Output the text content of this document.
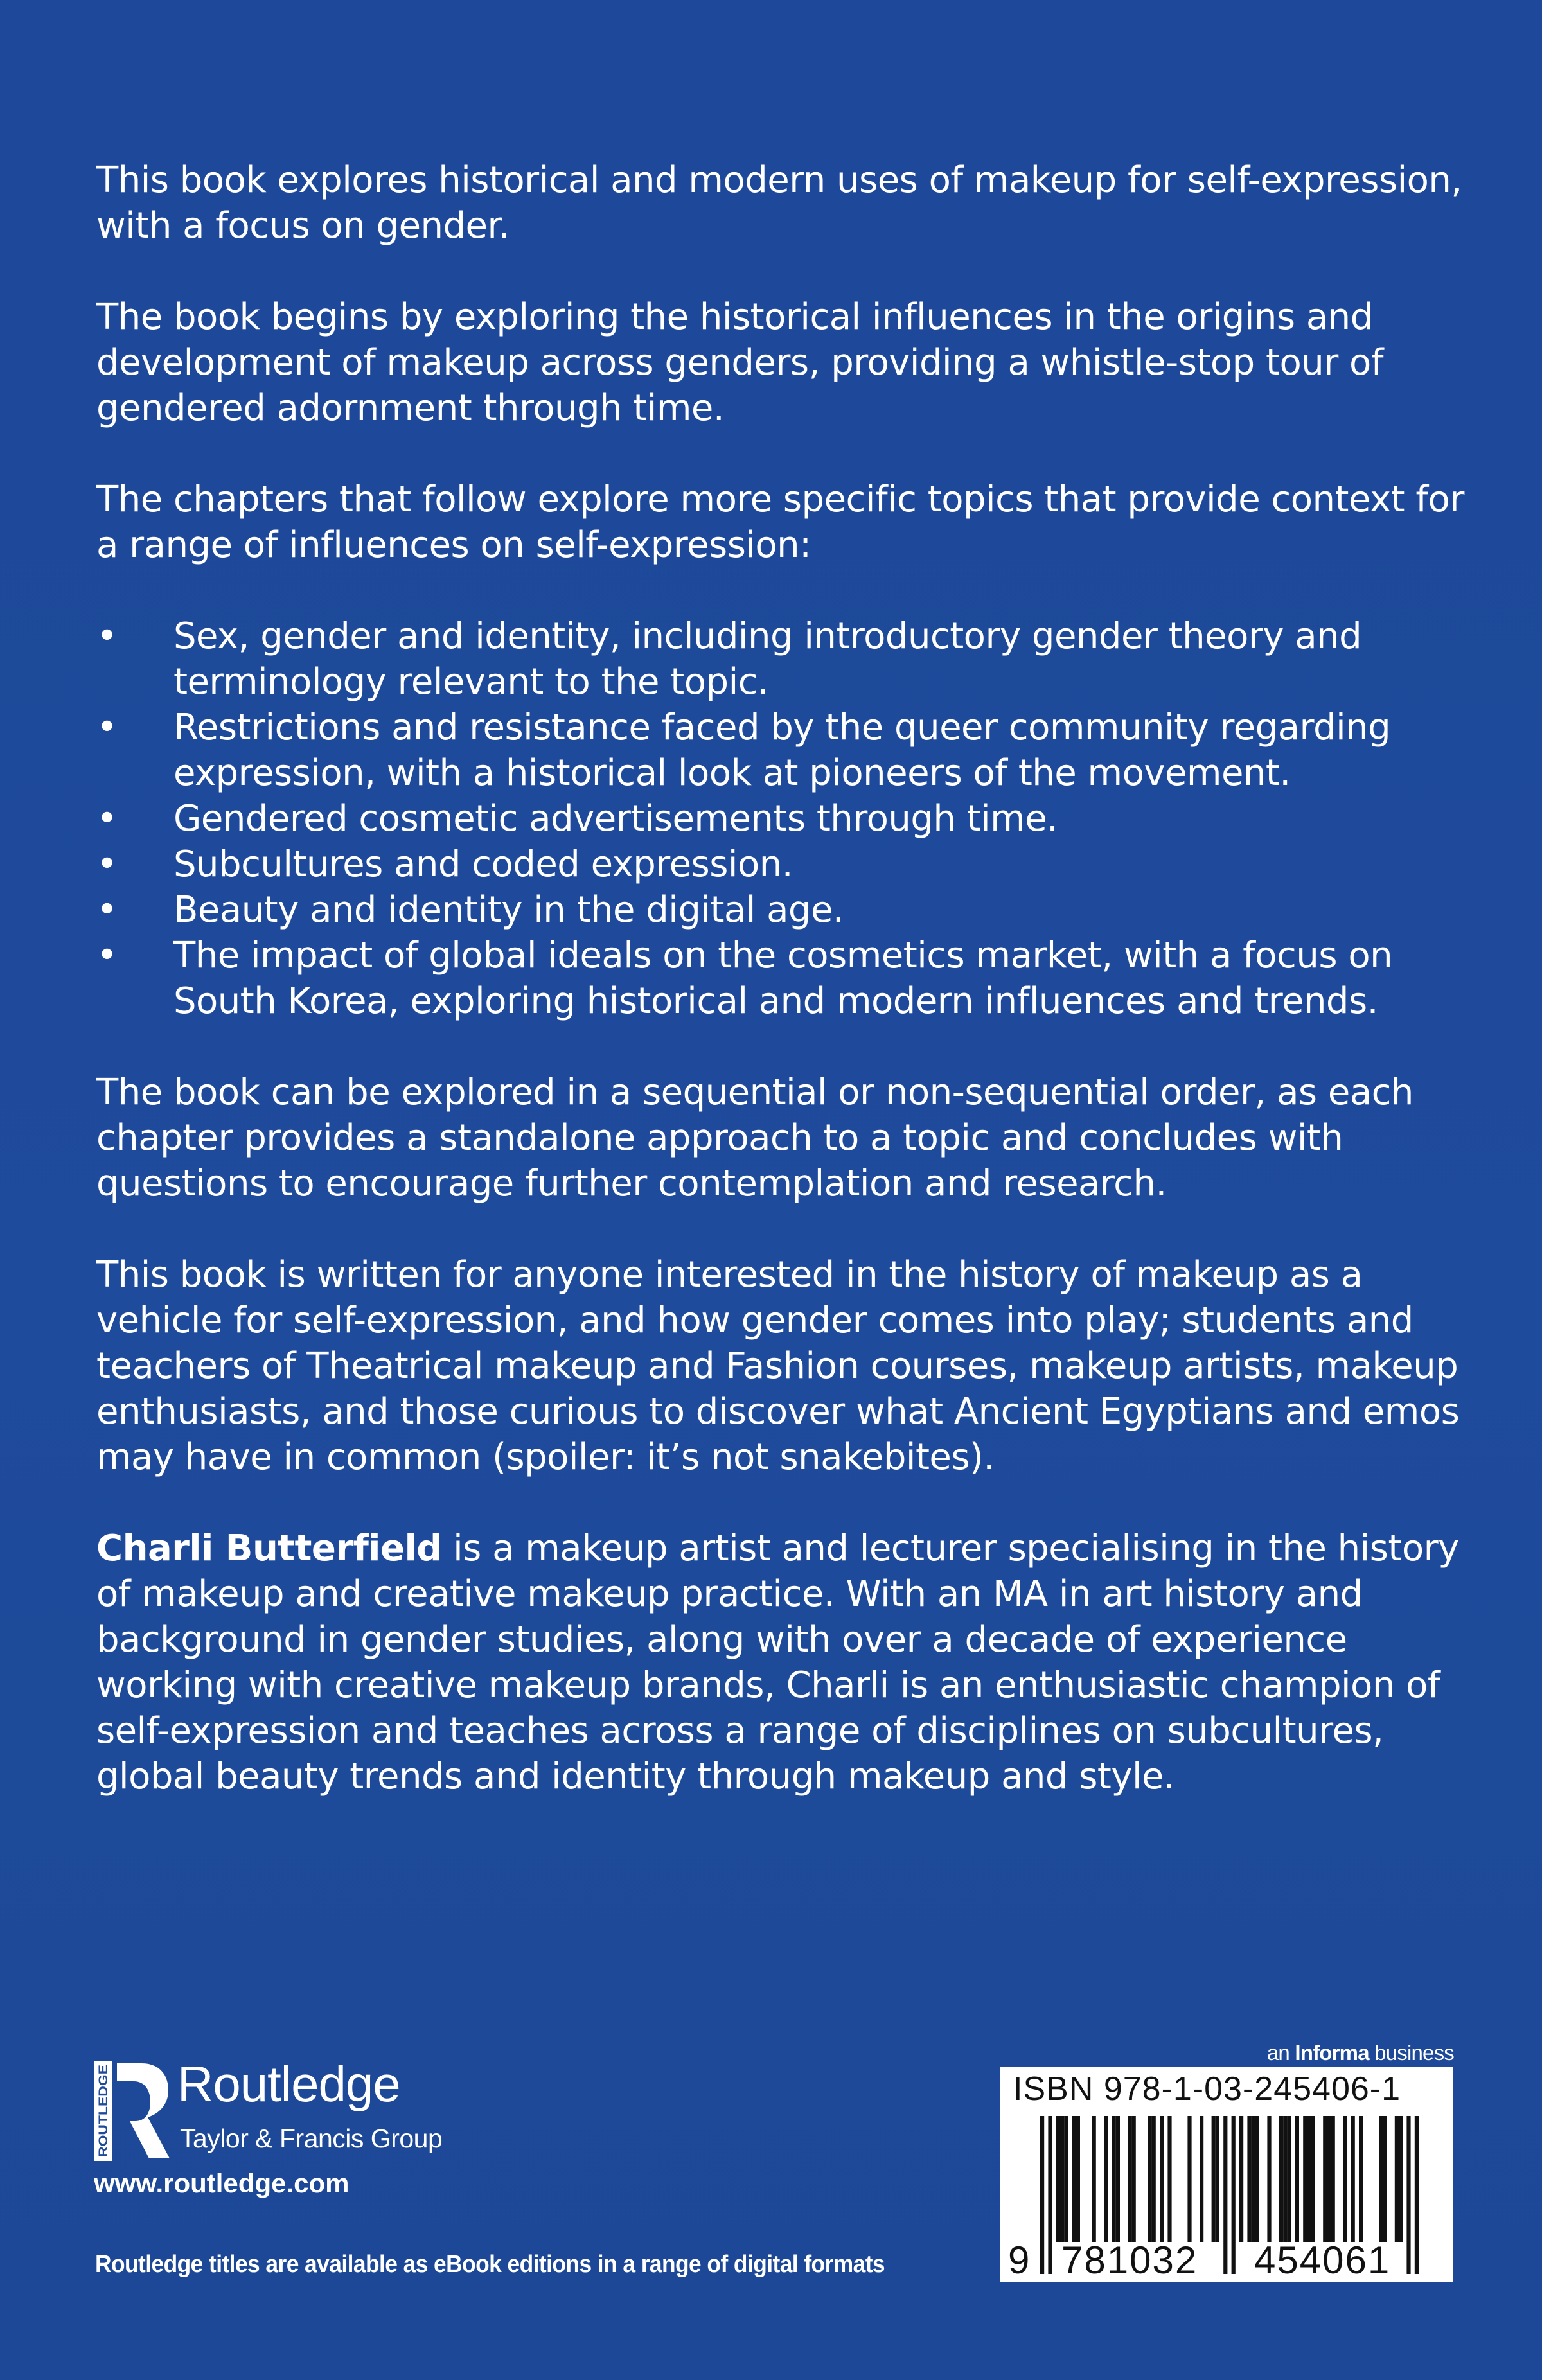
This book explores historical and modern uses of makeup for self-expression, with a focus on gender.

The book begins by exploring the historical influences in the origins and development of makeup across genders, providing a whistle-stop tour of gendered adornment through time.

The chapters that follow explore more specific topics that provide context for a range of influences on self-expression:

• Sex, gender and identity, including introductory gender theory and terminology relevant to the topic.
• Restrictions and resistance faced by the queer community regarding expression, with a historical look at pioneers of the movement.
• Gendered cosmetic advertisements through time.
• Subcultures and coded expression.
• Beauty and identity in the digital age.
• The impact of global ideals on the cosmetics market, with a focus on South Korea, exploring historical and modern influences and trends.

The book can be explored in a sequential or non-sequential order, as each chapter provides a standalone approach to a topic and concludes with questions to encourage further contemplation and research.

This book is written for anyone interested in the history of makeup as a vehicle for self-expression, and how gender comes into play; students and teachers of Theatrical makeup and Fashion courses, makeup artists, makeup enthusiasts, and those curious to discover what Ancient Egyptians and emos may have in common (spoiler: it’s not snakebites).

Charli Butterfield is a makeup artist and lecturer specialising in the history of makeup and creative makeup practice. With an MA in art history and background in gender studies, along with over a decade of experience working with creative makeup brands, Charli is an enthusiastic champion of self-expression and teaches across a range of disciplines on subcultures, global beauty trends and identity through makeup and style.

ROUTLEDGE Routledge
Taylor & Francis Group
www.routledge.com
Routledge titles are available as eBook editions in a range of digital formats
an Informa business
ISBN 978-1-03-245406-1
9 781032 454061
